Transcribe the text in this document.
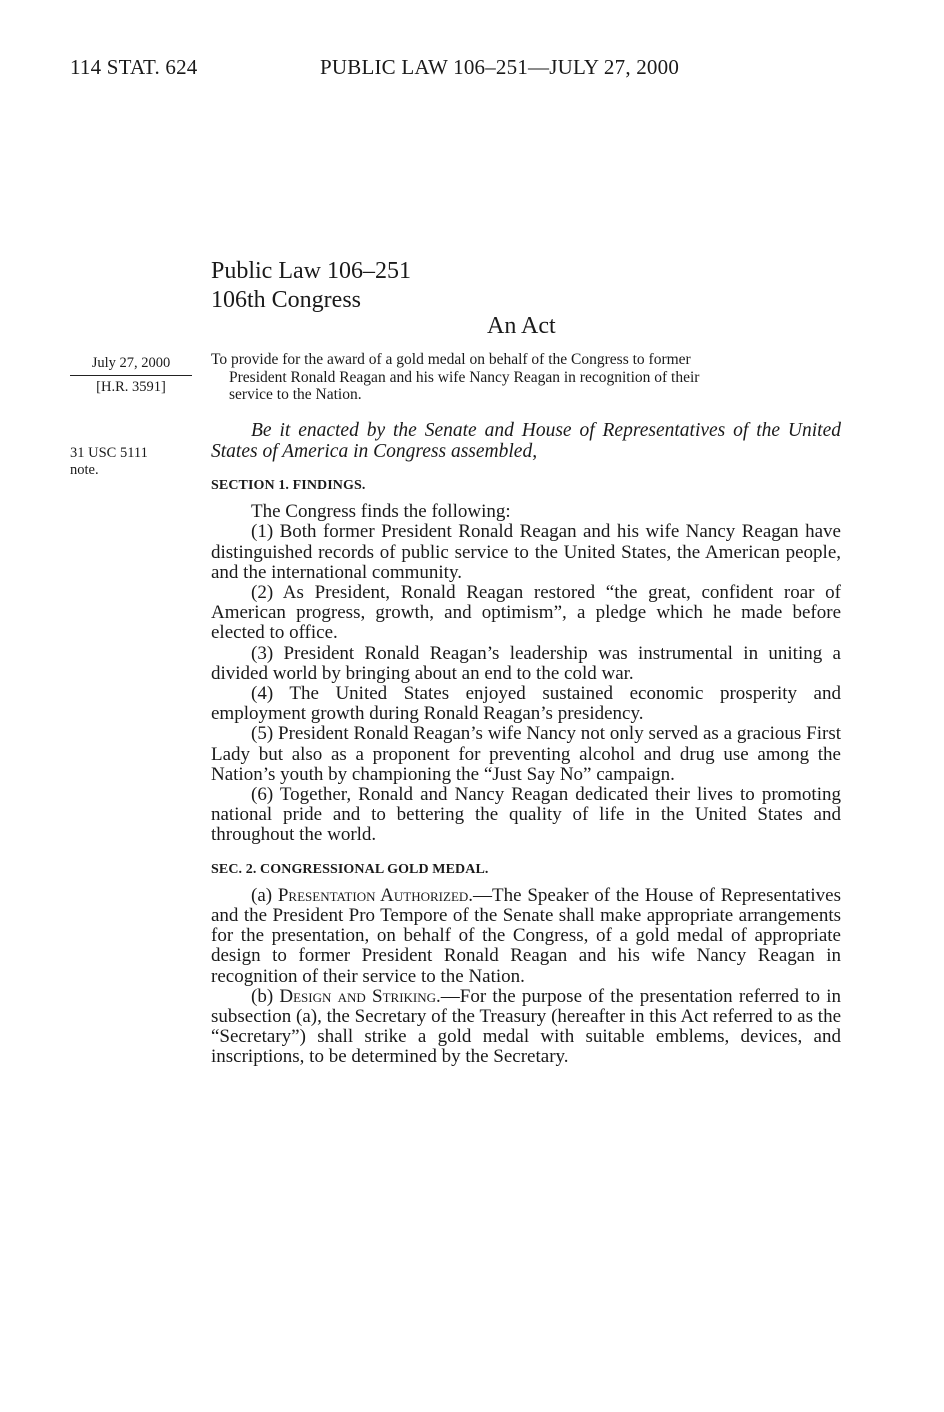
114 STAT. 624	PUBLIC LAW 106–251—JULY 27, 2000
Public Law 106–251
106th Congress
An Act
July 27, 2000
[H.R. 3591]
31 USC 5111
note.
To provide for the award of a gold medal on behalf of the Congress to former
President Ronald Reagan and his wife Nancy Reagan in recognition of their
service to the Nation.

Be it enacted by the Senate and House of Representatives of the United States of America in Congress assembled,

SECTION 1. FINDINGS.

The Congress finds the following:

(1) Both former President Ronald Reagan and his wife Nancy Reagan have distinguished records of public service to the United States, the American people, and the international community.

(2) As President, Ronald Reagan restored “the great, confident roar of American progress, growth, and optimism”, a pledge which he made before elected to office.

(3) President Ronald Reagan’s leadership was instrumental in uniting a divided world by bringing about an end to the cold war.

(4) The United States enjoyed sustained economic prosperity and employment growth during Ronald Reagan’s presidency.

(5) President Ronald Reagan’s wife Nancy not only served as a gracious First Lady but also as a proponent for preventing alcohol and drug use among the Nation’s youth by championing the “Just Say No” campaign.

(6) Together, Ronald and Nancy Reagan dedicated their lives to promoting national pride and to bettering the quality of life in the United States and throughout the world.

SEC. 2. CONGRESSIONAL GOLD MEDAL.

(a) Presentation Authorized.—The Speaker of the House of Representatives and the President Pro Tempore of the Senate shall make appropriate arrangements for the presentation, on behalf of the Congress, of a gold medal of appropriate design to former President Ronald Reagan and his wife Nancy Reagan in recognition of their service to the Nation.

(b) Design and Striking.—For the purpose of the presentation referred to in subsection (a), the Secretary of the Treasury (hereafter in this Act referred to as the “Secretary”) shall strike a gold medal with suitable emblems, devices, and inscriptions, to be determined by the Secretary.
